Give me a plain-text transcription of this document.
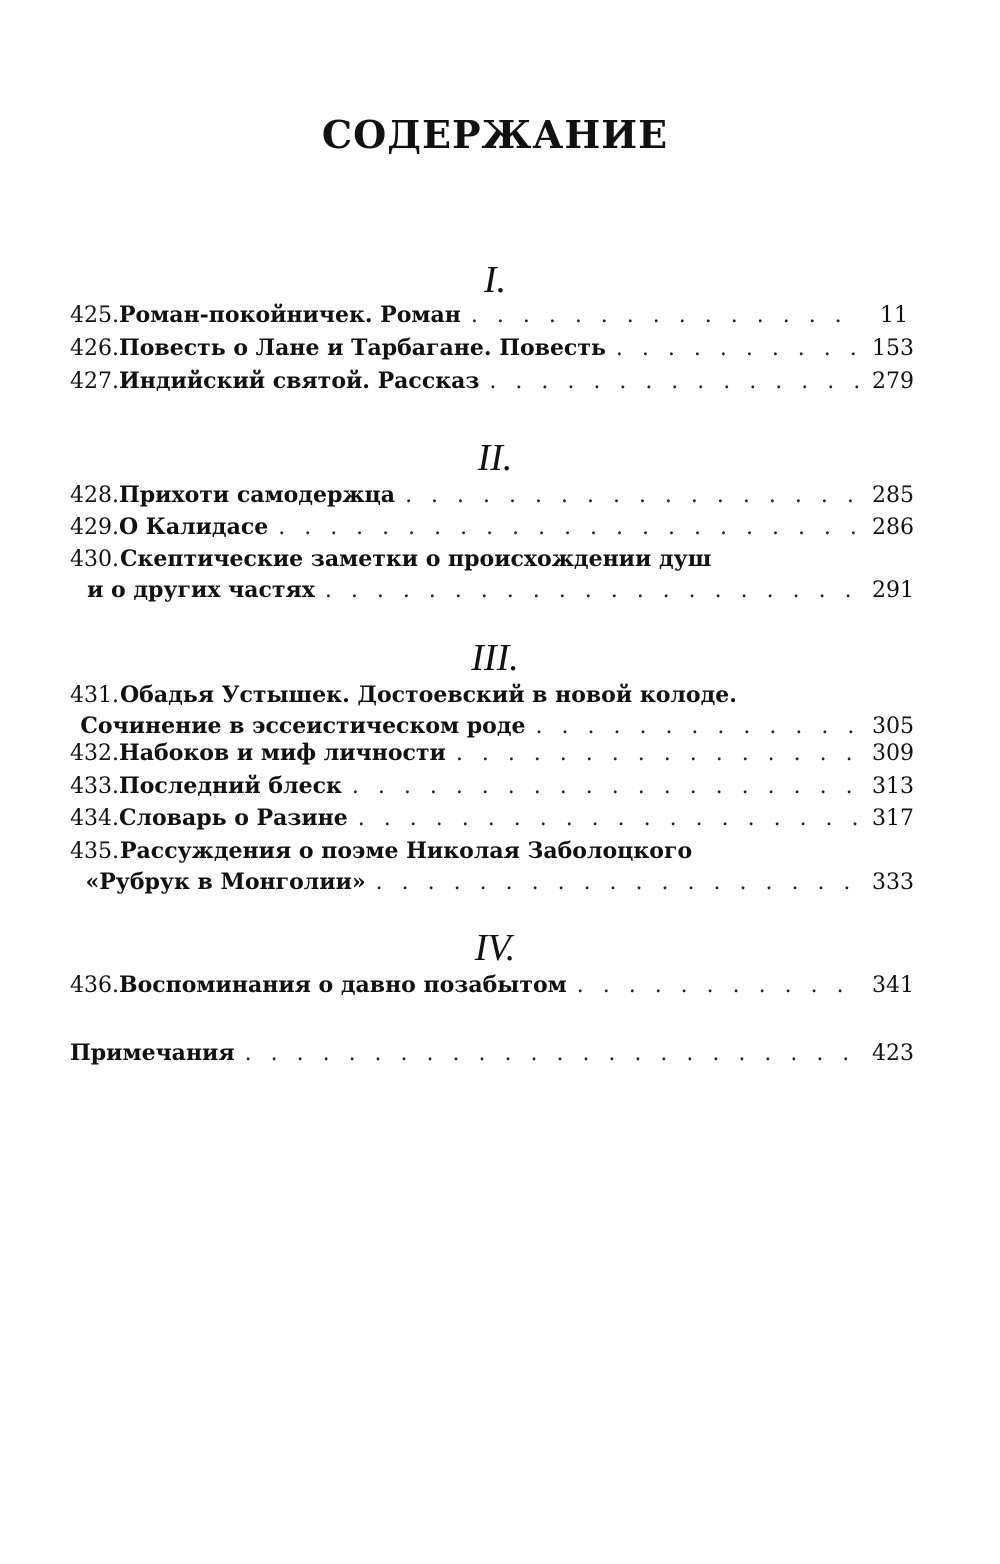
СОДЕРЖАНИЕ
I.
425. Роман-покойничек. Роман . . .	11
426. Повесть о Лане и Тарбагане. Повесть . . .	153
427. Индийский святой. Рассказ . . .	279
II.
428. Прихоти самодержца . . .	285
429. О Калидасе . . .	286
430. Скептические заметки о происхождении душ
и о других частях . . .	291
III.
431. Обадья Устышек. Достоевский в новой колоде.
Сочинение в эссеистическом роде . . .	305
432. Набоков и миф личности . . .	309
433. Последний блеск . . .	313
434. Словарь о Разине . . .	317
435. Рассуждения о поэме Николая Заболоцкого
«Рубрук в Монголии» . . .	333
IV.
436. Воспоминания о давно позабытом . . .	341
Примечания . . .	423
